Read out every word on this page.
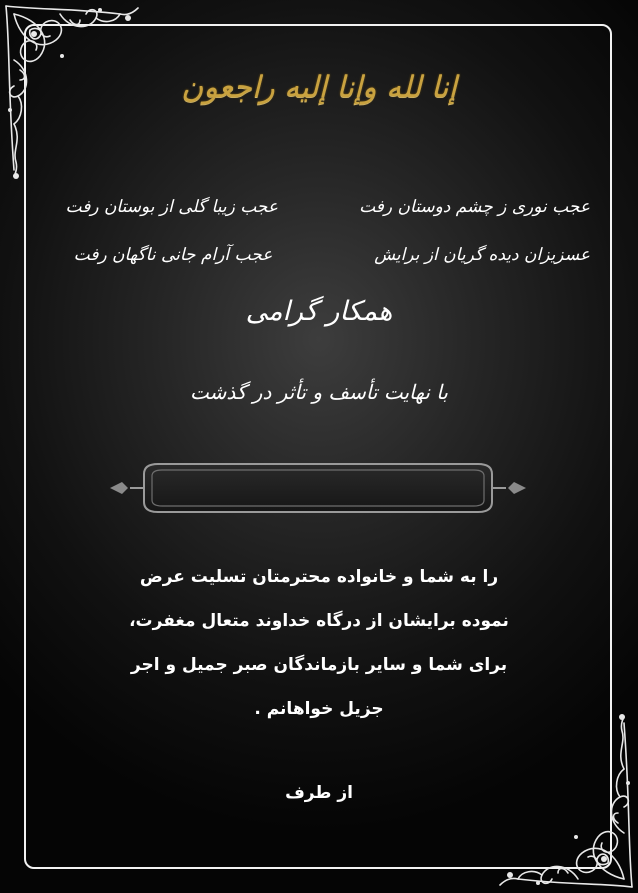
إنا لله وإنا إليه راجعون
عجب نوری ز چشم دوستان رفت
عسزیزان دیده گریان از برایش
عجب زیبا گلی از بوستان رفت
عجب آرام جانی ناگهان رفت
همکار گرامی
با نهایت تأسف و تأثر در گذشت
را به شما و خانواده محترمتان تسلیت عرض
نموده برایشان از درگاه خداوند متعال مغفرت،
برای شما و سایر بازماندگان صبر جمیل و اجر
جزیل خواهانم .
از طرف
